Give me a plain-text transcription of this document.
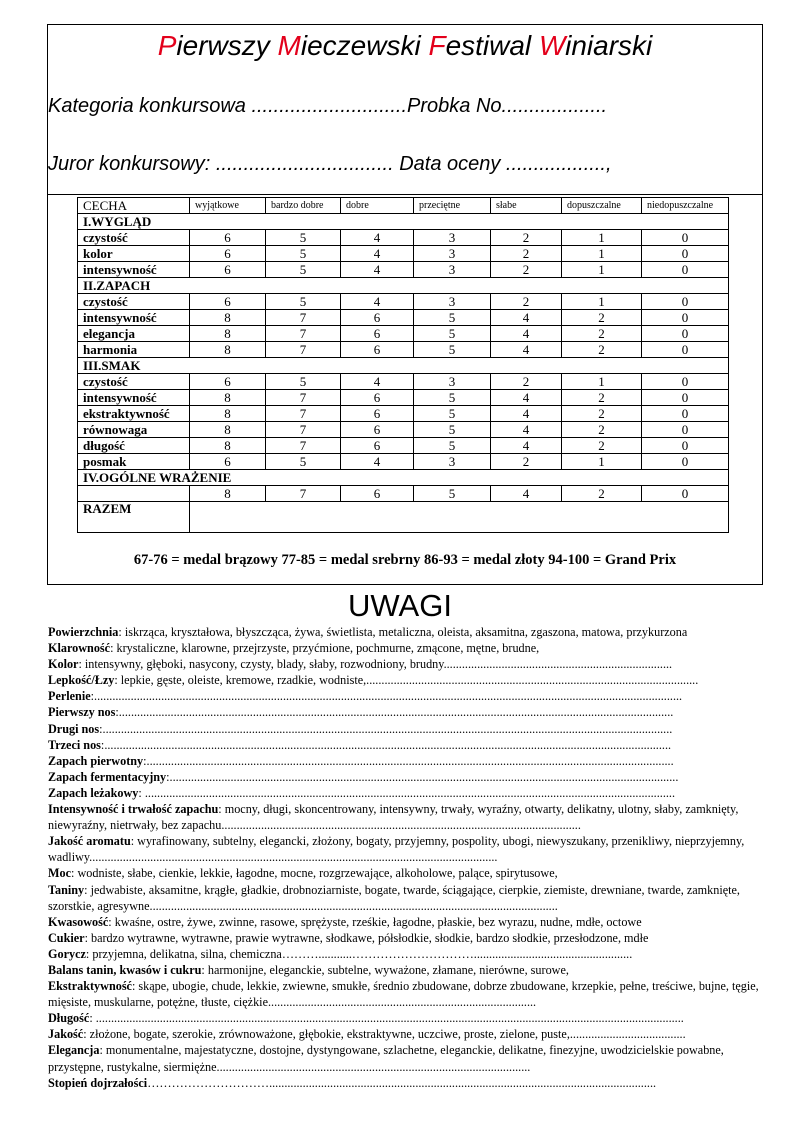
Pierwszy Mieczewski Festiwal Winiarski
Kategoria konkursowa ............................Probka No...................
Juror konkursowy: ................................ Data oceny ..................,
CECHA	wyjątkowe	bardzo dobre	dobre	przeciętne	słabe	dopuszczalne	niedopuszczalne
I.WYGLĄD							
czystość	6	5	4	3	2	1	0
kolor	6	5	4	3	2	1	0
intensywność	6	5	4	3	2	1	0
II.ZAPACH							
czystość	6	5	4	3	2	1	0
intensywność	8	7	6	5	4	2	0
elegancja	8	7	6	5	4	2	0
harmonia	8	7	6	5	4	2	0
III.SMAK							
czystość	6	5	4	3	2	1	0
intensywność	8	7	6	5	4	2	0
ekstraktywność	8	7	6	5	4	2	0
równowaga	8	7	6	5	4	2	0
długość	8	7	6	5	4	2	0
posmak	6	5	4	3	2	1	0
IV.OGÓLNE WRAŻENIE							
	8	7	6	5	4	2	0
RAZEM							
67-76 = medal brązowy 77-85 = medal srebrny 86-93 = medal złoty 94-100 = Grand Prix
UWAGI
Powierzchnia: iskrząca, kryształowa, błyszcząca, żywa, świetlista, metaliczna, oleista, aksamitna, zgaszona, matowa, przykurzona
Klarowność: krystaliczne, klarowne, przejrzyste, przyćmione, pochmurne, zmącone, mętne, brudne,
Kolor: intensywny, głęboki, nasycony, czysty, blady, słaby, rozwodniony, brudny...........................................................................
Lepkość/Łzy: lepkie, gęste, oleiste, kremowe, rzadkie, wodniste,.............................................................................................................
Perlenie:.................................................................................................................................................................................................
Pierwszy nos:......................................................................................................................................................................................
Drugi nos:...........................................................................................................................................................................................
Trzeci nos:..........................................................................................................................................................................................
Zapach pierwotny:.............................................................................................................................................................................
Zapach fermentacyjny:.......................................................................................................................................................................
Zapach leżakowy: ..............................................................................................................................................................................
Intensywność i trwałość zapachu: mocny, długi, skoncentrowany, intensywny, trwały, wyraźny, otwarty, delikatny, ulotny, słaby, zamknięty, niewyraźny, nietrwały, bez zapachu......................................................................................................................
Jakość aromatu: wyrafinowany, subtelny, elegancki, złożony, bogaty, przyjemny, pospolity, ubogi, niewyszukany, przenikliwy, nieprzyjemny, wadliwy......................................................................................................................................
Moc: wodniste, słabe, cienkie, lekkie, łagodne, mocne, rozgrzewające, alkoholowe, palące, spirytusowe,
Taniny: jedwabiste, aksamitne, krągłe, gładkie, drobnoziarniste, bogate, twarde, ściągające, cierpkie, ziemiste, drewniane, twarde, zamknięte, szorstkie, agresywne......................................................................................................................................
Kwasowość: kwaśne, ostre, żywe, zwinne, rasowe, sprężyste, rześkie, łagodne, płaskie, bez wyrazu, nudne, mdłe, octowe
Cukier: bardzo wytrawne, wytrawne, prawie wytrawne, słodkawe, półsłodkie, słodkie, bardzo słodkie, przesłodzone, mdłe
Gorycz: przyjemna, delikatna, silna, chemiczna………...........…………………………....................................................
Balans tanin, kwasów i cukru: harmonijne, eleganckie, subtelne, wyważone, złamane, nierówne, surowe,
Ekstraktywność: skąpe, ubogie, chude, lekkie, zwiewne, smukłe, średnio zbudowane, dobrze zbudowane, krzepkie, pełne, treściwe, bujne, tęgie, mięsiste, muskularne, potężne, tłuste, ciężkie........................................................................................
Długość: .................................................................................................................................................................................................
Jakość: złożone, bogate, szerokie, zrównoważone, głębokie, ekstraktywne, uczciwe, proste, zielone, puste,......................................
Elegancja: monumentalne, majestatyczne, dostojne, dystyngowane, szlachetne, eleganckie, delikatne, finezyjne, uwodzicielskie powabne, przystępne, rustykalne, siermiężne.......................................................................................................
Stopień dojrzałości…………………………...............................................................................................................................
